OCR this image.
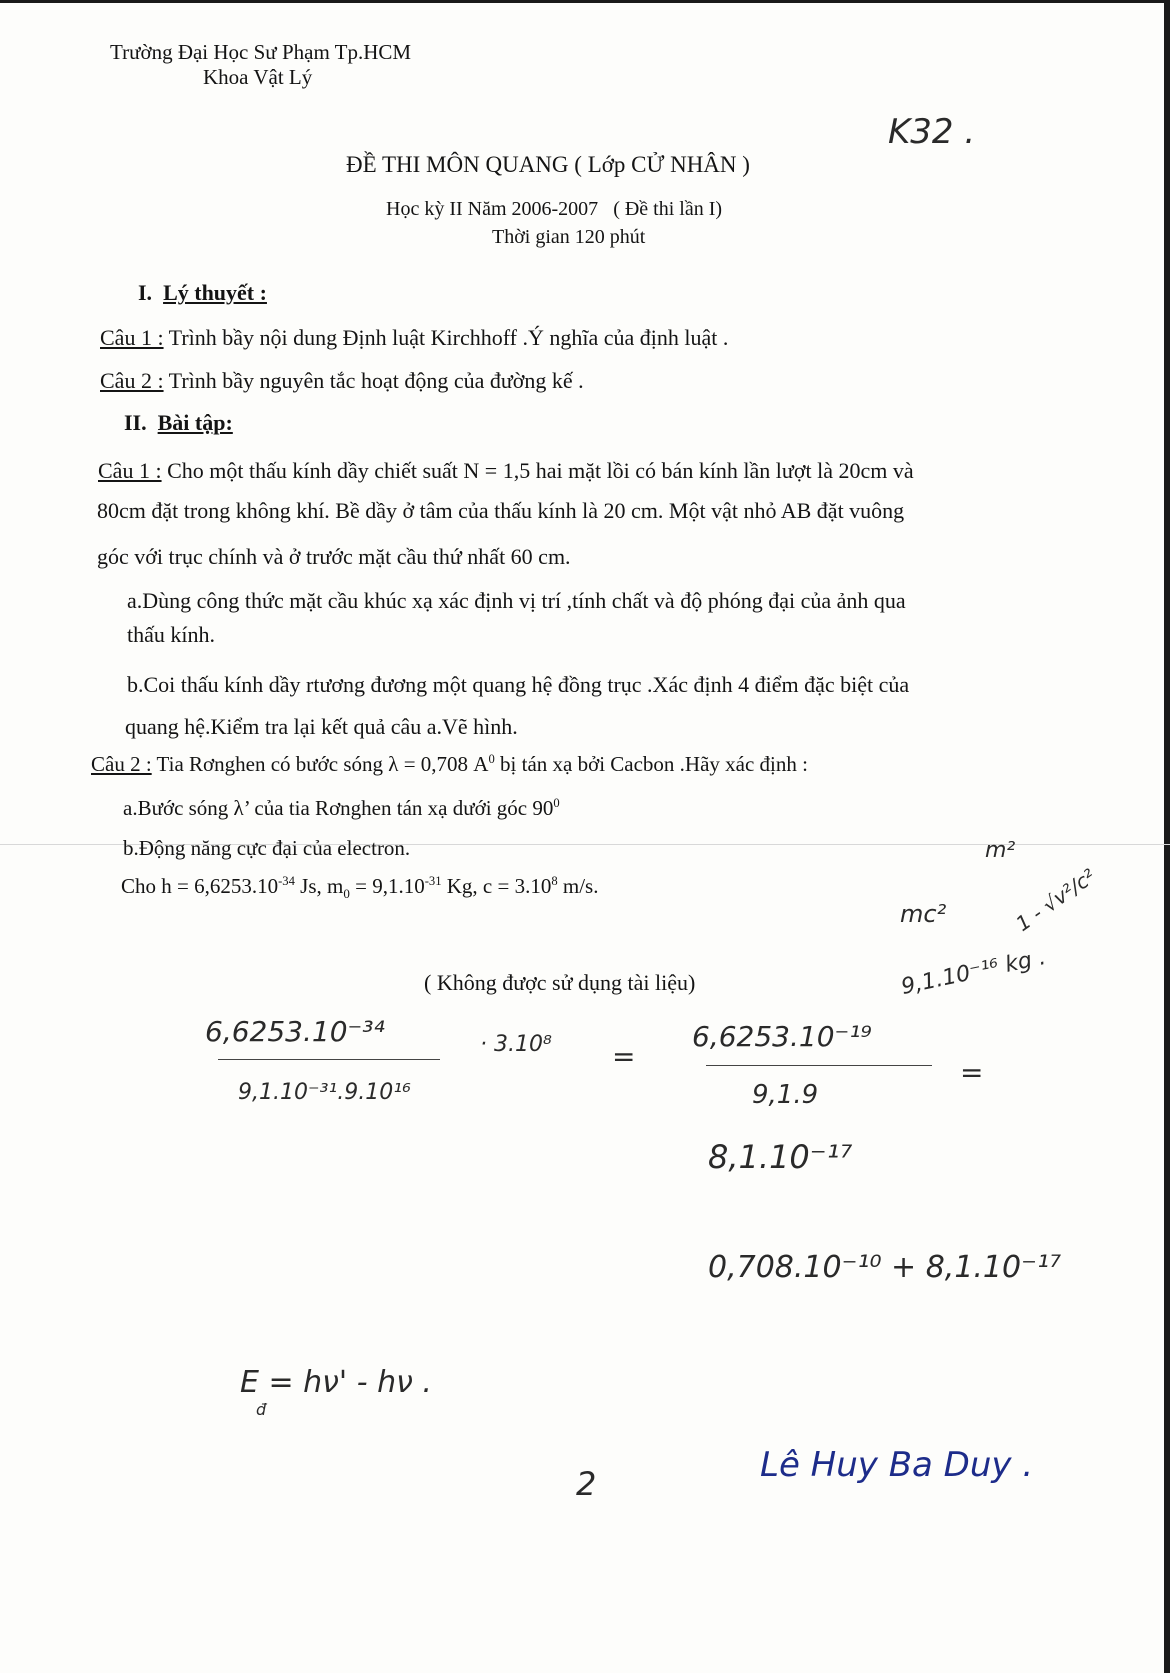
Trường Đại Học Sư Phạm Tp.HCM
Khoa Vật Lý
K32 .
ĐỀ THI MÔN QUANG ( Lớp CỬ NHÂN )
Học kỳ II Năm 2006-2007 ( Đề thi lần I)
Thời gian 120 phút
I. Lý thuyết :
Câu 1 : Trình bầy nội dung Định luật Kirchhoff .Ý nghĩa của định luật .
Câu 2 : Trình bầy nguyên tắc hoạt động của đường kế .
II. Bài tập:
Câu 1 : Cho một thấu kính dầy chiết suất N = 1,5 hai mặt lồi có bán kính lần lượt là 20cm và
80cm đặt trong không khí. Bề dầy ở tâm của thấu kính là 20 cm. Một vật nhỏ AB đặt vuông
góc với trục chính và ở trước mặt cầu thứ nhất 60 cm.
a.Dùng công thức mặt cầu khúc xạ xác định vị trí ,tính chất và độ phóng đại của ảnh qua
thấu kính.
b.Coi thấu kính dầy rtương đương một quang hệ đồng trục .Xác định 4 điểm đặc biệt của
quang hệ.Kiểm tra lại kết quả câu a.Vẽ hình.
Câu 2 : Tia Rơnghen có bước sóng λ = 0,708 $A^0$ bị tán xạ bởi Cacbon .Hãy xác định :
a.Bước sóng λ’ của tia Rơnghen tán xạ dưới góc $90^0$
b.Động năng cực đại của electron.
Cho $h = 6,6253.10^{-34}$ Js, $m_0 = 9,1.10^{-31}$ Kg, $c = 3.10^8$ m/s.
( Không được sử dụng tài liệu)
m²
mc²	1 - √v²/c²
9,1.10⁻¹⁶ kg .
6,6253.10⁻³⁴	· 3.10⁸
9,1.10⁻³¹.9.10¹⁶
=
6,6253.10⁻¹⁹
9,1.9
=
8,1.10⁻¹⁷
0,708.10⁻¹⁰ + 8,1.10⁻¹⁷
E = hν' - hν .
đ
2	Lê Huy Ba Duy .
